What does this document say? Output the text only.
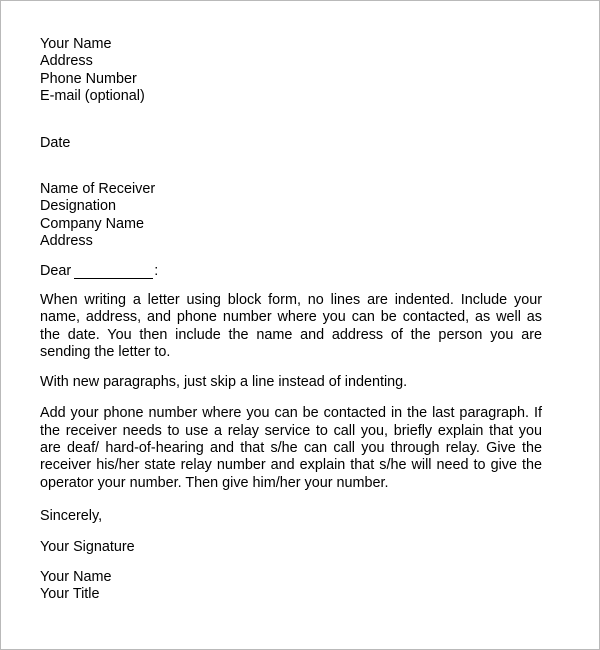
Your Name
Address
Phone Number
E-mail (optional)
Date
Name of Receiver
Designation
Company Name
Address
Dear	:

When writing a letter using block form, no lines are indented. Include your name, address, and phone number where you can be contacted, as well as the date. You then include the name and address of the person you are sending the letter to.

With new paragraphs, just skip a line instead of indenting.

Add your phone number where you can be contacted in the last paragraph. If the receiver needs to use a relay service to call you, briefly explain that you are deaf/ hard-of-hearing and that s/he can call you through relay. Give the receiver his/her state relay number and explain that s/he will need to give the operator your number. Then give him/her your number.

Sincerely,
Your Signature
Your Name
Your Title
